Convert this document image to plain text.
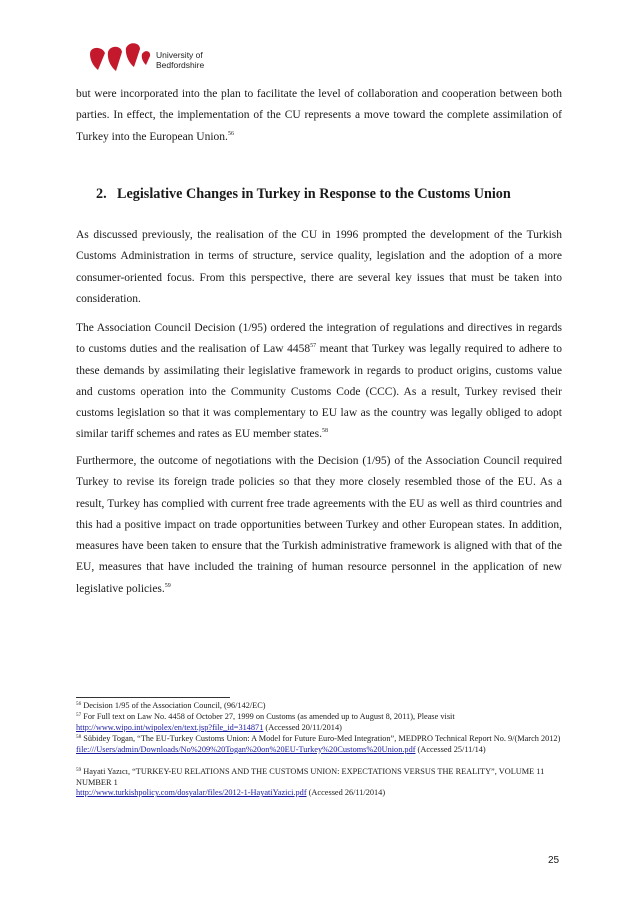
University of
Bedfordshire

but were incorporated into the plan to facilitate the level of collaboration and cooperation between both parties. In effect, the implementation of the CU represents a move toward the complete assimilation of Turkey into the European Union.$^{56}$

2. Legislative Changes in Turkey in Response to the Customs Union

As discussed previously, the realisation of the CU in 1996 prompted the development of the Turkish Customs Administration in terms of structure, service quality, legislation and the adoption of a more consumer-oriented focus. From this perspective, there are several key issues that must be taken into consideration.

The Association Council Decision (1/95) ordered the integration of regulations and directives in regards to customs duties and the realisation of Law 4458$^{57}$ meant that Turkey was legally required to adhere to these demands by assimilating their legislative framework in regards to product origins, customs value and customs operation into the Community Customs Code (CCC). As a result, Turkey revised their customs legislation so that it was complementary to EU law as the country was legally obliged to adopt similar tariff schemes and rates as EU member states.$^{58}$

Furthermore, the outcome of negotiations with the Decision (1/95) of the Association Council required Turkey to revise its foreign trade policies so that they more closely resembled those of the EU. As a result, Turkey has complied with current free trade agreements with the EU as well as third countries and this had a positive impact on trade opportunities between Turkey and other European states. In addition, measures have been taken to ensure that the Turkish administrative framework is aligned with that of the EU, measures that have included the training of human resource personnel in the application of new legislative policies.$^{59}$

$^{56}$ Decision 1/95 of the Association Council, (96/142/EC)

$^{57}$ For Full text on Law No. 4458 of October 27, 1999 on Customs (as amended up to August 8, 2011), Please visit
http://www.wipo.int/wipolex/en/text.jsp?file_id=314871 (Accessed 20/11/2014)

$^{58}$ Sübidey Togan, “The EU-Turkey Customs Union: A Model for Future Euro-Med Integration”, MEDPRO Technical Report No. 9/(March 2012) file:///Users/admin/Downloads/No%209%20Togan%20on%20EU-Turkey%20Customs%20Union.pdf (Accessed 25/11/14)

$^{59}$ Hayati Yazıcı, “TURKEY-EU RELATIONS AND THE CUSTOMS UNION: EXPECTATIONS VERSUS THE REALITY”, VOLUME 11 NUMBER 1
http://www.turkishpolicy.com/dosyalar/files/2012-1-HayatiYazici.pdf (Accessed 26/11/2014)

25
